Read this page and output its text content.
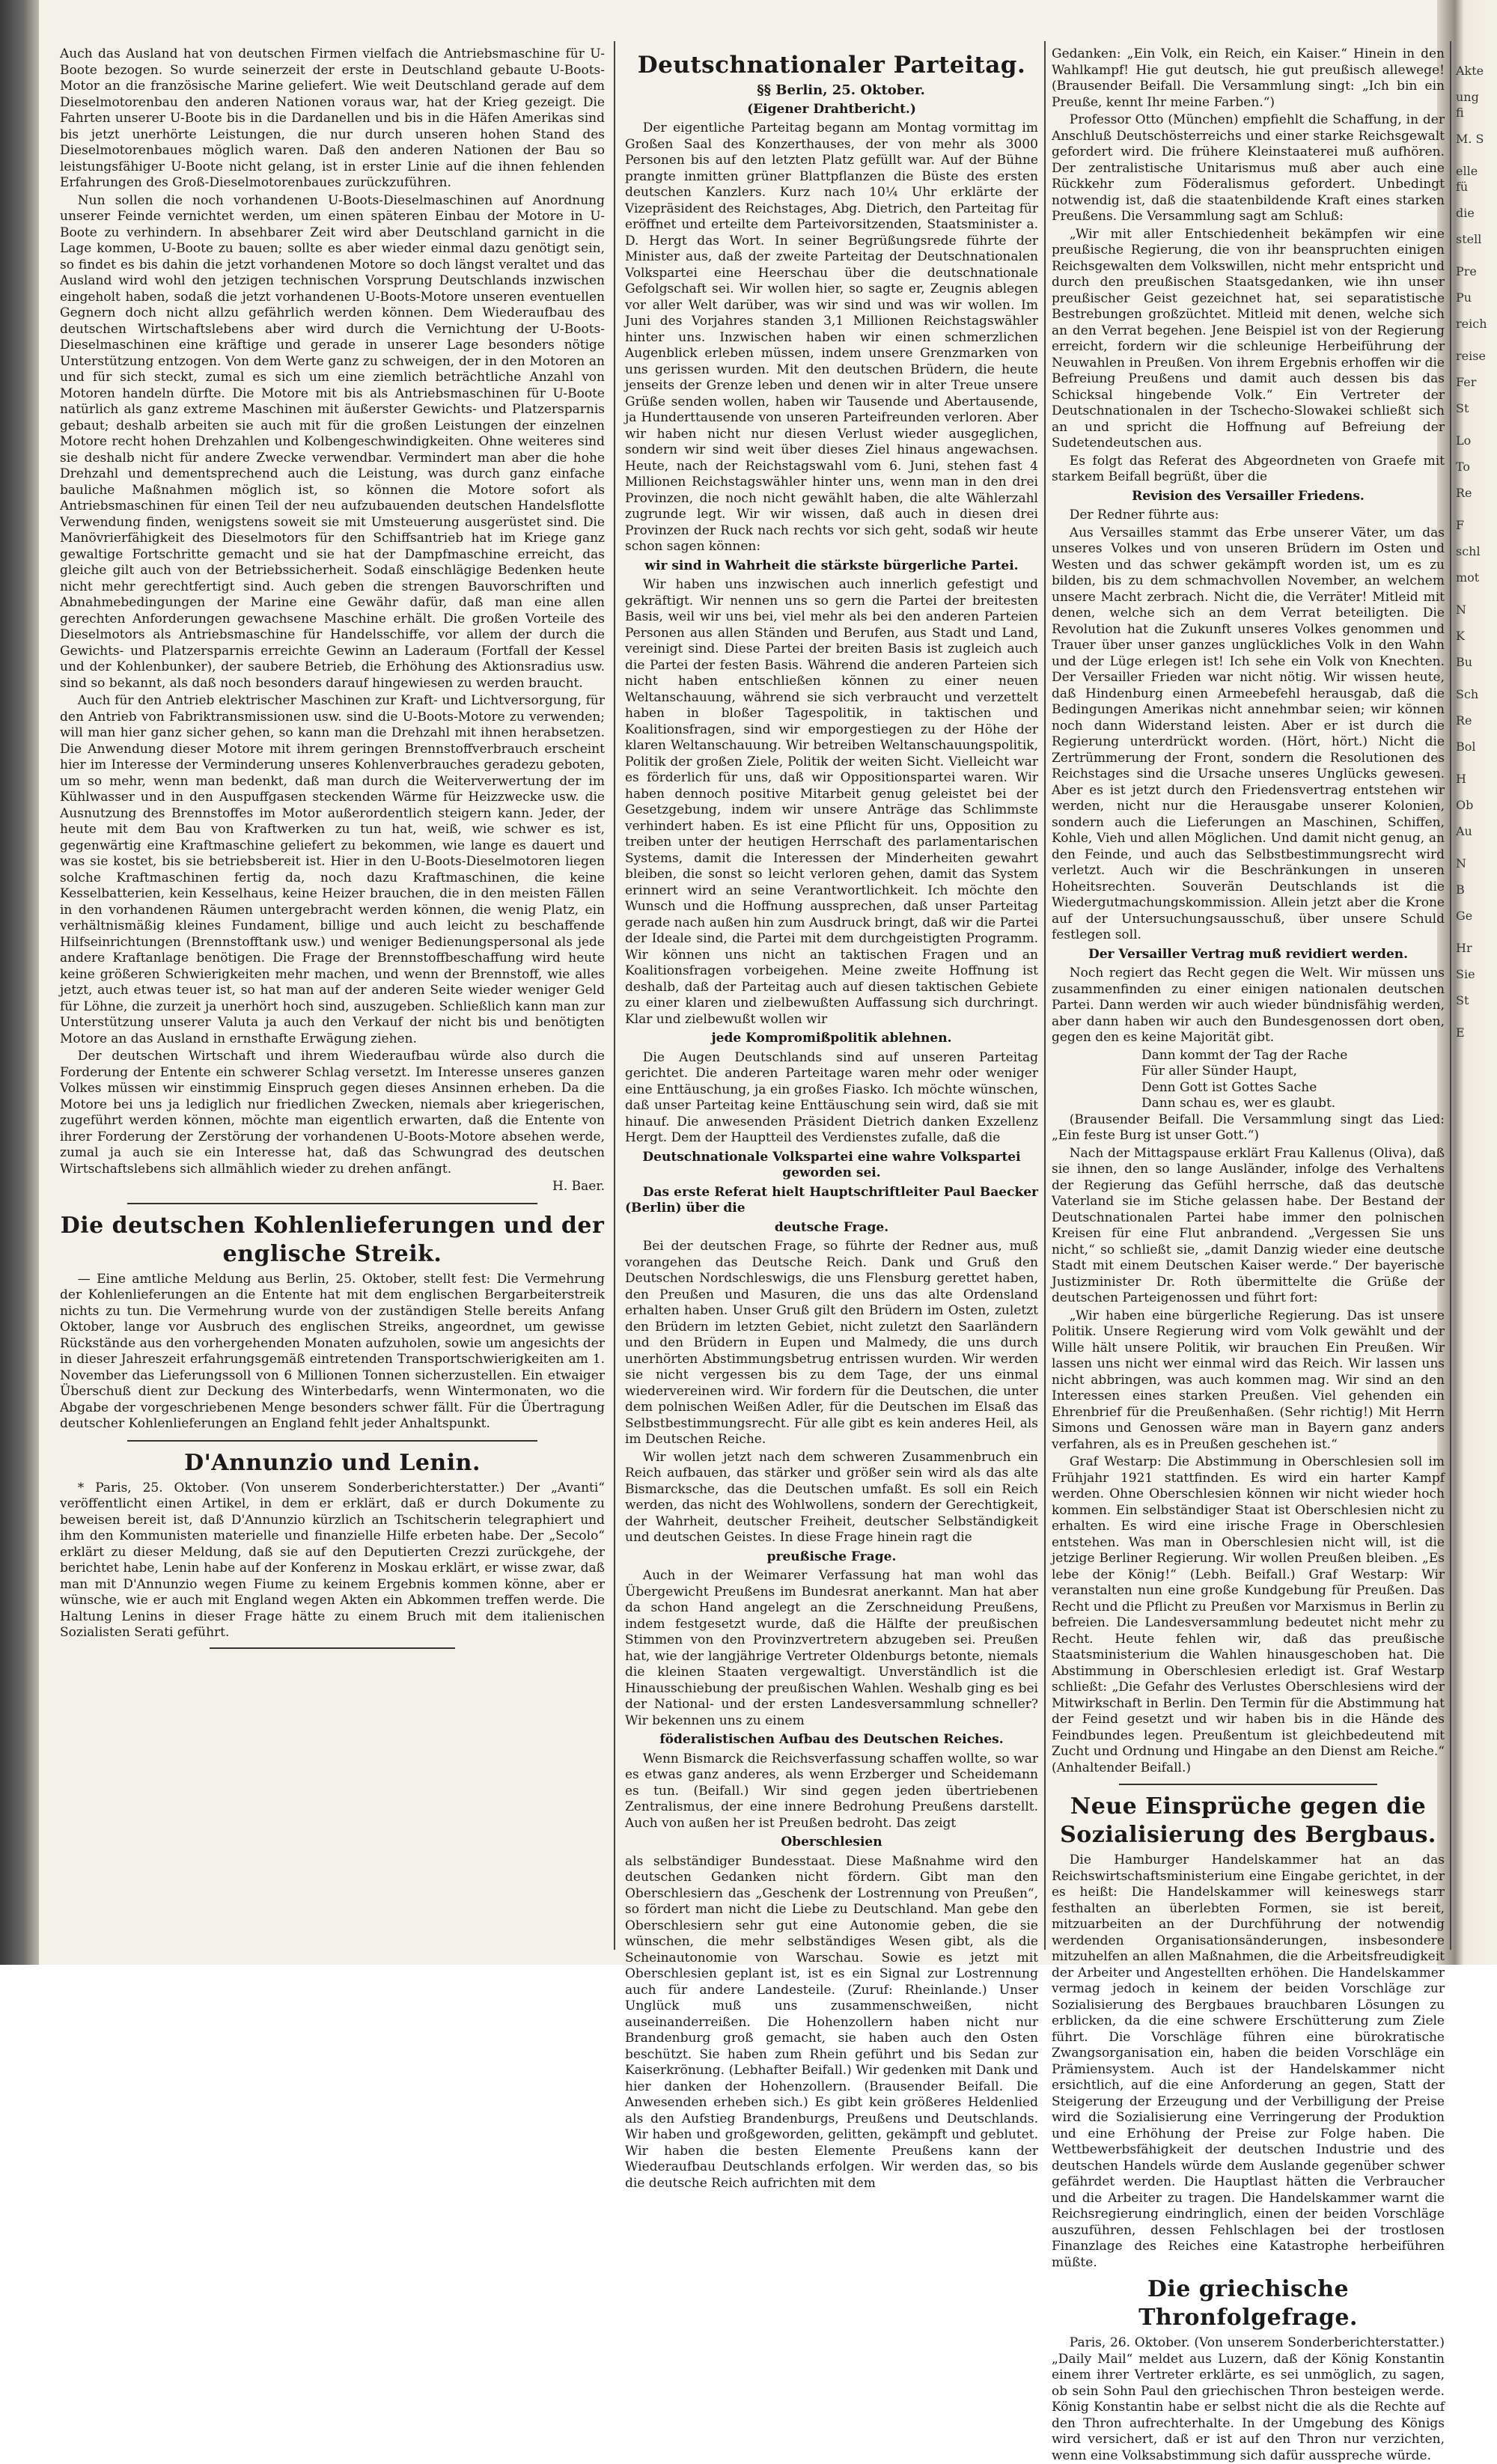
Auch das Ausland hat von deutschen Firmen vielfach die Antriebsmaschine für U-Boote bezogen. So wurde seinerzeit der erste in Deutschland gebaute U-Boots-Motor an die französische Marine geliefert. Wie weit Deutschland gerade auf dem Dieselmotorenbau den anderen Nationen voraus war, hat der Krieg gezeigt. Die Fahrten unserer U-Boote bis in die Dardanellen und bis in die Häfen Amerikas sind bis jetzt unerhörte Leistungen, die nur durch unseren hohen Stand des Dieselmotorenbaues möglich waren. Daß den anderen Nationen der Bau so leistungsfähiger U-Boote nicht gelang, ist in erster Linie auf die ihnen fehlenden Erfahrungen des Groß-Dieselmotorenbaues zurückzuführen.

Nun sollen die noch vorhandenen U-Boots-Dieselmaschinen auf Anordnung unserer Feinde vernichtet werden, um einen späteren Einbau der Motore in U-Boote zu verhindern. In absehbarer Zeit wird aber Deutschland garnicht in die Lage kommen, U-Boote zu bauen; sollte es aber wieder einmal dazu genötigt sein, so findet es bis dahin die jetzt vorhandenen Motore so doch längst veraltet und das Ausland wird wohl den jetzigen technischen Vorsprung Deutschlands inzwischen eingeholt haben, sodaß die jetzt vorhandenen U-Boots-Motore unseren eventuellen Gegnern doch nicht allzu gefährlich werden können. Dem Wiederaufbau des deutschen Wirtschaftslebens aber wird durch die Vernichtung der U-Boots-Dieselmaschinen eine kräftige und gerade in unserer Lage besonders nötige Unterstützung entzogen. Von dem Werte ganz zu schweigen, der in den Motoren an und für sich steckt, zumal es sich um eine ziemlich beträchtliche Anzahl von Motoren handeln dürfte. Die Motore mit bis als Antriebsmaschinen für U-Boote natürlich als ganz extreme Maschinen mit äußerster Gewichts- und Platzersparnis gebaut; deshalb arbeiten sie auch mit für die großen Leistungen der einzelnen Motore recht hohen Drehzahlen und Kolbengeschwindigkeiten. Ohne weiteres sind sie deshalb nicht für andere Zwecke verwendbar. Vermindert man aber die hohe Drehzahl und dementsprechend auch die Leistung, was durch ganz einfache bauliche Maßnahmen möglich ist, so können die Motore sofort als Antriebsmaschinen für einen Teil der neu aufzubauenden deutschen Handelsflotte Verwendung finden, wenigstens soweit sie mit Umsteuerung ausgerüstet sind. Die Manövrierfähigkeit des Dieselmotors für den Schiffsantrieb hat im Kriege ganz gewaltige Fortschritte gemacht und sie hat der Dampfmaschine erreicht, das gleiche gilt auch von der Betriebssicherheit. Sodaß einschlägige Bedenken heute nicht mehr gerechtfertigt sind. Auch geben die strengen Bauvorschriften und Abnahmebedingungen der Marine eine Gewähr dafür, daß man eine allen gerechten Anforderungen gewachsene Maschine erhält. Die großen Vorteile des Dieselmotors als Antriebsmaschine für Handelsschiffe, vor allem der durch die Gewichts- und Platzersparnis erreichte Gewinn an Laderaum (Fortfall der Kessel und der Kohlenbunker), der saubere Betrieb, die Erhöhung des Aktionsradius usw. sind so bekannt, als daß noch besonders darauf hingewiesen zu werden braucht.

Auch für den Antrieb elektrischer Maschinen zur Kraft- und Lichtversorgung, für den Antrieb von Fabriktransmissionen usw. sind die U-Boots-Motore zu verwenden; will man hier ganz sicher gehen, so kann man die Drehzahl mit ihnen herabsetzen. Die Anwendung dieser Motore mit ihrem geringen Brennstoffverbrauch erscheint hier im Interesse der Verminderung unseres Kohlenverbrauches geradezu geboten, um so mehr, wenn man bedenkt, daß man durch die Weiterverwertung der im Kühlwasser und in den Auspuffgasen steckenden Wärme für Heizzwecke usw. die Ausnutzung des Brennstoffes im Motor außerordentlich steigern kann. Jeder, der heute mit dem Bau von Kraftwerken zu tun hat, weiß, wie schwer es ist, gegenwärtig eine Kraftmaschine geliefert zu bekommen, wie lange es dauert und was sie kostet, bis sie betriebsbereit ist. Hier in den U-Boots-Dieselmotoren liegen solche Kraftmaschinen fertig da, noch dazu Kraftmaschinen, die keine Kesselbatterien, kein Kesselhaus, keine Heizer brauchen, die in den meisten Fällen in den vorhandenen Räumen untergebracht werden können, die wenig Platz, ein verhältnismäßig kleines Fundament, billige und auch leicht zu beschaffende Hilfseinrichtungen (Brennstofftank usw.) und weniger Bedienungspersonal als jede andere Kraftanlage benötigen. Die Frage der Brennstoffbeschaffung wird heute keine größeren Schwierigkeiten mehr machen, und wenn der Brennstoff, wie alles jetzt, auch etwas teuer ist, so hat man auf der anderen Seite wieder weniger Geld für Löhne, die zurzeit ja unerhört hoch sind, auszugeben. Schließlich kann man zur Unterstützung unserer Valuta ja auch den Verkauf der nicht bis und benötigten Motore an das Ausland in ernsthafte Erwägung ziehen.

Der deutschen Wirtschaft und ihrem Wiederaufbau würde also durch die Forderung der Entente ein schwerer Schlag versetzt. Im Interesse unseres ganzen Volkes müssen wir einstimmig Einspruch gegen dieses Ansinnen erheben. Da die Motore bei uns ja lediglich nur friedlichen Zwecken, niemals aber kriegerischen, zugeführt werden können, möchte man eigentlich erwarten, daß die Entente von ihrer Forderung der Zerstörung der vorhandenen U-Boots-Motore absehen werde, zumal ja auch sie ein Interesse hat, daß das Schwungrad des deutschen Wirtschaftslebens sich allmählich wieder zu drehen anfängt.

H. Baer.

Die deutschen Kohlenlieferungen und der englische Streik.

— Eine amtliche Meldung aus Berlin, 25. Oktober, stellt fest: Die Vermehrung der Kohlenlieferungen an die Entente hat mit dem englischen Bergarbeiterstreik nichts zu tun. Die Vermehrung wurde von der zuständigen Stelle bereits Anfang Oktober, lange vor Ausbruch des englischen Streiks, angeordnet, um gewisse Rückstände aus den vorhergehenden Monaten aufzuholen, sowie um angesichts der in dieser Jahreszeit erfahrungsgemäß eintretenden Transportschwierigkeiten am 1. November das Lieferungssoll von 6 Millionen Tonnen sicherzustellen. Ein etwaiger Überschuß dient zur Deckung des Winterbedarfs, wenn Wintermonaten, wo die Abgabe der vorgeschriebenen Menge besonders schwer fällt. Für die Übertragung deutscher Kohlenlieferungen an England fehlt jeder Anhaltspunkt.

D'Annunzio und Lenin.

* Paris, 25. Oktober. (Von unserem Sonderberichterstatter.) Der „Avanti“ veröffentlicht einen Artikel, in dem er erklärt, daß er durch Dokumente zu beweisen bereit ist, daß D'Annunzio kürzlich an Tschitscherin telegraphiert und ihm den Kommunisten materielle und finanzielle Hilfe erbeten habe. Der „Secolo“ erklärt zu dieser Meldung, daß sie auf den Deputierten Crezzi zurückgehe, der berichtet habe, Lenin habe auf der Konferenz in Moskau erklärt, er wisse zwar, daß man mit D'Annunzio wegen Fiume zu keinem Ergebnis kommen könne, aber er wünsche, wie er auch mit England wegen Akten ein Abkommen treffen werde. Die Haltung Lenins in dieser Frage hätte zu einem Bruch mit dem italienischen Sozialisten Serati geführt.

Deutschnationaler Parteitag.

§§ Berlin, 25. Oktober.

(Eigener Drahtbericht.)

Der eigentliche Parteitag begann am Montag vormittag im Großen Saal des Konzerthauses, der von mehr als 3000 Personen bis auf den letzten Platz gefüllt war. Auf der Bühne prangte inmitten grüner Blattpflanzen die Büste des ersten deutschen Kanzlers. Kurz nach 10¼ Uhr erklärte der Vizepräsident des Reichstages, Abg. Dietrich, den Parteitag für eröffnet und erteilte dem Parteivorsitzenden, Staatsminister a. D. Hergt das Wort. In seiner Begrüßungsrede führte der Minister aus, daß der zweite Parteitag der Deutschnationalen Volkspartei eine Heerschau über die deutschnationale Gefolgschaft sei. Wir wollen hier, so sagte er, Zeugnis ablegen vor aller Welt darüber, was wir sind und was wir wollen. Im Juni des Vorjahres standen 3,1 Millionen Reichstagswähler hinter uns. Inzwischen haben wir einen schmerzlichen Augenblick erleben müssen, indem unsere Grenzmarken von uns gerissen wurden. Mit den deutschen Brüdern, die heute jenseits der Grenze leben und denen wir in alter Treue unsere Grüße senden wollen, haben wir Tausende und Abertausende, ja Hunderttausende von unseren Parteifreunden verloren. Aber wir haben nicht nur diesen Verlust wieder ausgeglichen, sondern wir sind weit über dieses Ziel hinaus angewachsen. Heute, nach der Reichstagswahl vom 6. Juni, stehen fast 4 Millionen Reichstagswähler hinter uns, wenn man in den drei Provinzen, die noch nicht gewählt haben, die alte Wählerzahl zugrunde legt. Wir wir wissen, daß auch in diesen drei Provinzen der Ruck nach rechts vor sich geht, sodaß wir heute schon sagen können:

wir sind in Wahrheit die stärkste bürgerliche Partei.

Wir haben uns inzwischen auch innerlich gefestigt und gekräftigt. Wir nennen uns so gern die Partei der breitesten Basis, weil wir uns bei, viel mehr als bei den anderen Parteien Personen aus allen Ständen und Berufen, aus Stadt und Land, vereinigt sind. Diese Partei der breiten Basis ist zugleich auch die Partei der festen Basis. Während die anderen Parteien sich nicht haben entschließen können zu einer neuen Weltanschauung, während sie sich verbraucht und verzettelt haben in bloßer Tagespolitik, in taktischen und Koalitionsfragen, sind wir emporgestiegen zu der Höhe der klaren Weltanschauung. Wir betreiben Weltanschauungspolitik, Politik der großen Ziele, Politik der weiten Sicht. Vielleicht war es förderlich für uns, daß wir Oppositionspartei waren. Wir haben dennoch positive Mitarbeit genug geleistet bei der Gesetzgebung, indem wir unsere Anträge das Schlimmste verhindert haben. Es ist eine Pflicht für uns, Opposition zu treiben unter der heutigen Herrschaft des parlamentarischen Systems, damit die Interessen der Minderheiten gewahrt bleiben, die sonst so leicht verloren gehen, damit das System erinnert wird an seine Verantwortlichkeit. Ich möchte den Wunsch und die Hoffnung aussprechen, daß unser Parteitag gerade nach außen hin zum Ausdruck bringt, daß wir die Partei der Ideale sind, die Partei mit dem durchgeistigten Programm. Wir können uns nicht an taktischen Fragen und an Koalitionsfragen vorbeigehen. Meine zweite Hoffnung ist deshalb, daß der Parteitag auch auf diesen taktischen Gebiete zu einer klaren und zielbewußten Auffassung sich durchringt. Klar und zielbewußt wollen wir

jede Kompromißpolitik ablehnen.

Die Augen Deutschlands sind auf unseren Parteitag gerichtet. Die anderen Parteitage waren mehr oder weniger eine Enttäuschung, ja ein großes Fiasko. Ich möchte wünschen, daß unser Parteitag keine Enttäuschung sein wird, daß sie mit hinauf. Die anwesenden Präsident Dietrich danken Exzellenz Hergt. Dem der Hauptteil des Verdienstes zufalle, daß die

Deutschnationale Volkspartei eine wahre Volkspartei geworden sei.

Das erste Referat hielt Hauptschriftleiter Paul Baecker (Berlin) über die

deutsche Frage.

Bei der deutschen Frage, so führte der Redner aus, muß vorangehen das Deutsche Reich. Dank und Gruß den Deutschen Nordschleswigs, die uns Flensburg gerettet haben, den Preußen und Masuren, die uns das alte Ordensland erhalten haben. Unser Gruß gilt den Brüdern im Osten, zuletzt den Brüdern im letzten Gebiet, nicht zuletzt den Saarländern und den Brüdern in Eupen und Malmedy, die uns durch unerhörten Abstimmungsbetrug entrissen wurden. Wir werden sie nicht vergessen bis zu dem Tage, der uns einmal wiedervereinen wird. Wir fordern für die Deutschen, die unter dem polnischen Weißen Adler, für die Deutschen im Elsaß das Selbstbestimmungsrecht. Für alle gibt es kein anderes Heil, als im Deutschen Reiche.

Wir wollen jetzt nach dem schweren Zusammenbruch ein Reich aufbauen, das stärker und größer sein wird als das alte Bismarcksche, das die Deutschen umfaßt. Es soll ein Reich werden, das nicht des Wohlwollens, sondern der Gerechtigkeit, der Wahrheit, deutscher Freiheit, deutscher Selbständigkeit und deutschen Geistes. In diese Frage hinein ragt die

preußische Frage.

Auch in der Weimarer Verfassung hat man wohl das Übergewicht Preußens im Bundesrat anerkannt. Man hat aber da schon Hand angelegt an die Zerschneidung Preußens, indem festgesetzt wurde, daß die Hälfte der preußischen Stimmen von den Provinzvertretern abzugeben sei. Preußen hat, wie der langjährige Vertreter Oldenburgs betonte, niemals die kleinen Staaten vergewaltigt. Unverständlich ist die Hinausschiebung der preußischen Wahlen. Weshalb ging es bei der National- und der ersten Landesversammlung schneller? Wir bekennen uns zu einem

föderalistischen Aufbau des Deutschen Reiches.

Wenn Bismarck die Reichsverfassung schaffen wollte, so war es etwas ganz anderes, als wenn Erzberger und Scheidemann es tun. (Beifall.) Wir sind gegen jeden übertriebenen Zentralismus, der eine innere Bedrohung Preußens darstellt. Auch von außen her ist Preußen bedroht. Das zeigt

Oberschlesien

als selbständiger Bundesstaat. Diese Maßnahme wird den deutschen Gedanken nicht fördern. Gibt man den Oberschlesiern das „Geschenk der Lostrennung von Preußen“, so fördert man nicht die Liebe zu Deutschland. Man gebe den Oberschlesiern sehr gut eine Autonomie geben, die sie wünschen, die mehr selbständiges Wesen gibt, als die Scheinautonomie von Warschau. Sowie es jetzt mit Oberschlesien geplant ist, ist es ein Signal zur Lostrennung auch für andere Landesteile. (Zuruf: Rheinlande.) Unser Unglück muß uns zusammenschweißen, nicht auseinanderreißen. Die Hohenzollern haben nicht nur Brandenburg groß gemacht, sie haben auch den Osten beschützt. Sie haben zum Rhein geführt und bis Sedan zur Kaiserkrönung. (Lebhafter Beifall.) Wir gedenken mit Dank und hier danken der Hohenzollern. (Brausender Beifall. Die Anwesenden erheben sich.) Es gibt kein größeres Heldenlied als den Aufstieg Brandenburgs, Preußens und Deutschlands. Wir haben und großgeworden, gelitten, gekämpft und geblutet. Wir haben die besten Elemente Preußens kann der Wiederaufbau Deutschlands erfolgen. Wir werden das, so bis die deutsche Reich aufrichten mit dem

Gedanken: „Ein Volk, ein Reich, ein Kaiser.“ Hinein in den Wahlkampf! Hie gut deutsch, hie gut preußisch allewege! (Brausender Beifall. Die Versammlung singt: „Ich bin ein Preuße, kennt Ihr meine Farben.“)

Professor Otto (München) empfiehlt die Schaffung, in der Anschluß Deutschösterreichs und einer starke Reichsgewalt gefordert wird. Die frühere Kleinstaaterei muß aufhören. Der zentralistische Unitarismus muß aber auch eine Rückkehr zum Föderalismus gefordert. Unbedingt notwendig ist, daß die staatenbildende Kraft eines starken Preußens. Die Versammlung sagt am Schluß:

„Wir mit aller Entschiedenheit bekämpfen wir eine preußische Regierung, die von ihr beanspruchten einigen Reichsgewalten dem Volkswillen, nicht mehr entspricht und durch den preußischen Staatsgedanken, wie ihn unser preußischer Geist gezeichnet hat, sei separatistische Bestrebungen großzüchtet. Mitleid mit denen, welche sich an den Verrat begehen. Jene Beispiel ist von der Regierung erreicht, fordern wir die schleunige Herbeiführung der Neuwahlen in Preußen. Von ihrem Ergebnis erhoffen wir die Befreiung Preußens und damit auch dessen bis das Schicksal hingebende Volk.“ Ein Vertreter der Deutschnationalen in der Tschecho-Slowakei schließt sich an und spricht die Hoffnung auf Befreiung der Sudetendeutschen aus.

Es folgt das Referat des Abgeordneten von Graefe mit starkem Beifall begrüßt, über die

Revision des Versailler Friedens.

Der Redner führte aus:

Aus Versailles stammt das Erbe unserer Väter, um das unseres Volkes und von unseren Brüdern im Osten und Westen und das schwer gekämpft worden ist, um es zu bilden, bis zu dem schmachvollen November, an welchem unsere Macht zerbrach. Nicht die, die Verräter! Mitleid mit denen, welche sich an dem Verrat beteiligten. Die Revolution hat die Zukunft unseres Volkes genommen und Trauer über unser ganzes unglückliches Volk in den Wahn und der Lüge erlegen ist! Ich sehe ein Volk von Knechten. Der Versailler Frieden war nicht nötig. Wir wissen heute, daß Hindenburg einen Armeebefehl herausgab, daß die Bedingungen Amerikas nicht annehmbar seien; wir können noch dann Widerstand leisten. Aber er ist durch die Regierung unterdrückt worden. (Hört, hört.) Nicht die Zertrümmerung der Front, sondern die Resolutionen des Reichstages sind die Ursache unseres Unglücks gewesen. Aber es ist jetzt durch den Friedensvertrag entstehen wir werden, nicht nur die Herausgabe unserer Kolonien, sondern auch die Lieferungen an Maschinen, Schiffen, Kohle, Vieh und allen Möglichen. Und damit nicht genug, an den Feinde, und auch das Selbstbestimmungsrecht wird verletzt. Auch wir die Beschränkungen in unseren Hoheitsrechten. Souverän Deutschlands ist die Wiedergutmachungskommission. Allein jetzt aber die Krone auf der Untersuchungsausschuß, über unsere Schuld festlegen soll.

Der Versailler Vertrag muß revidiert werden.

Noch regiert das Recht gegen die Welt. Wir müssen uns zusammenfinden zu einer einigen nationalen deutschen Partei. Dann werden wir auch wieder bündnisfähig werden, aber dann haben wir auch den Bundesgenossen dort oben, gegen den es keine Majorität gibt.

Dann kommt der Tag der Rache

Für aller Sünder Haupt,

Denn Gott ist Gottes Sache

Dann schau es, wer es glaubt.

(Brausender Beifall. Die Versammlung singt das Lied: „Ein feste Burg ist unser Gott.“)

Nach der Mittagspause erklärt Frau Kallenus (Oliva), daß sie ihnen, den so lange Ausländer, infolge des Verhaltens der Regierung das Gefühl herrsche, daß das deutsche Vaterland sie im Stiche gelassen habe. Der Bestand der Deutschnationalen Partei habe immer den polnischen Kreisen für eine Flut anbrandend. „Vergessen Sie uns nicht,“ so schließt sie, „damit Danzig wieder eine deutsche Stadt mit einem Deutschen Kaiser werde.“ Der bayerische Justizminister Dr. Roth übermittelte die Grüße der deutschen Parteigenossen und führt fort:

„Wir haben eine bürgerliche Regierung. Das ist unsere Politik. Unsere Regierung wird vom Volk gewählt und der Wille hält unsere Politik, wir brauchen Ein Preußen. Wir lassen uns nicht wer einmal wird das Reich. Wir lassen uns nicht abbringen, was auch kommen mag. Wir sind an den Interessen eines starken Preußen. Viel gehenden ein Ehrenbrief für die Preußenhaßen. (Sehr richtig!) Mit Herrn Simons und Genossen wäre man in Bayern ganz anders verfahren, als es in Preußen geschehen ist.“

Graf Westarp: Die Abstimmung in Oberschlesien soll im Frühjahr 1921 stattfinden. Es wird ein harter Kampf werden. Ohne Oberschlesien können wir nicht wieder hoch kommen. Ein selbständiger Staat ist Oberschlesien nicht zu erhalten. Es wird eine irische Frage in Oberschlesien entstehen. Was man in Oberschlesien nicht will, ist die jetzige Berliner Regierung. Wir wollen Preußen bleiben. „Es lebe der König!“ (Lebh. Beifall.) Graf Westarp: Wir veranstalten nun eine große Kundgebung für Preußen. Das Recht und die Pflicht zu Preußen vor Marxismus in Berlin zu befreien. Die Landesversammlung bedeutet nicht mehr zu Recht. Heute fehlen wir, daß das preußische Staatsministerium die Wahlen hinausgeschoben hat. Die Abstimmung in Oberschlesien erledigt ist. Graf Westarp schließt: „Die Gefahr des Verlustes Oberschlesiens wird der Mitwirkschaft in Berlin. Den Termin für die Abstimmung hat der Feind gesetzt und wir haben bis in die Hände des Feindbundes legen. Preußentum ist gleichbedeutend mit Zucht und Ordnung und Hingabe an den Dienst am Reiche.“ (Anhaltender Beifall.)

Neue Einsprüche gegen die Sozialisierung des Bergbaus.

Die Hamburger Handelskammer hat an das Reichswirtschaftsministerium eine Eingabe gerichtet, in der es heißt: Die Handelskammer will keineswegs starr festhalten an überlebten Formen, sie ist bereit, mitzuarbeiten an der Durchführung der notwendig werdenden Organisationsänderungen, insbesondere mitzuhelfen an allen Maßnahmen, die die Arbeitsfreudigkeit der Arbeiter und Angestellten erhöhen. Die Handelskammer vermag jedoch in keinem der beiden Vorschläge zur Sozialisierung des Bergbaues brauchbaren Lösungen zu erblicken, da die eine schwere Erschütterung zum Ziele führt. Die Vorschläge führen eine bürokratische Zwangsorganisation ein, haben die beiden Vorschläge ein Prämiensystem. Auch ist der Handelskammer nicht ersichtlich, auf die eine Anforderung an gegen, Statt der Steigerung der Erzeugung und der Verbilligung der Preise wird die Sozialisierung eine Verringerung der Produktion und eine Erhöhung der Preise zur Folge haben. Die Wettbewerbsfähigkeit der deutschen Industrie und des deutschen Handels würde dem Auslande gegenüber schwer gefährdet werden. Die Hauptlast hätten die Verbraucher und die Arbeiter zu tragen. Die Handelskammer warnt die Reichsregierung eindringlich, einen der beiden Vorschläge auszuführen, dessen Fehlschlagen bei der trostlosen Finanzlage des Reiches eine Katastrophe herbeiführen müßte.

Die griechische Thronfolgefrage.

Paris, 26. Oktober. (Von unserem Sonderberichterstatter.) „Daily Mail“ meldet aus Luzern, daß der König Konstantin einem ihrer Vertreter erklärte, es sei unmöglich, zu sagen, ob sein Sohn Paul den griechischen Thron besteigen werde. König Konstantin habe er selbst nicht die als die Rechte auf den Thron aufrechterhalte. In der Umgebung des Königs wird versichert, daß er ist auf den Thron nur verzichten, wenn eine Volksabstimmung sich dafür ausspreche würde.

Akte
ung fi
M. S
elle fü
die
stell
Pre
Pu
reich
reise
Fer
St
Lo
To
Re
F
schl
mot
N
K
Bu
Sch
Re
Bol
H
Ob
Au
N
B
Ge
Hr
Sie
St
E
